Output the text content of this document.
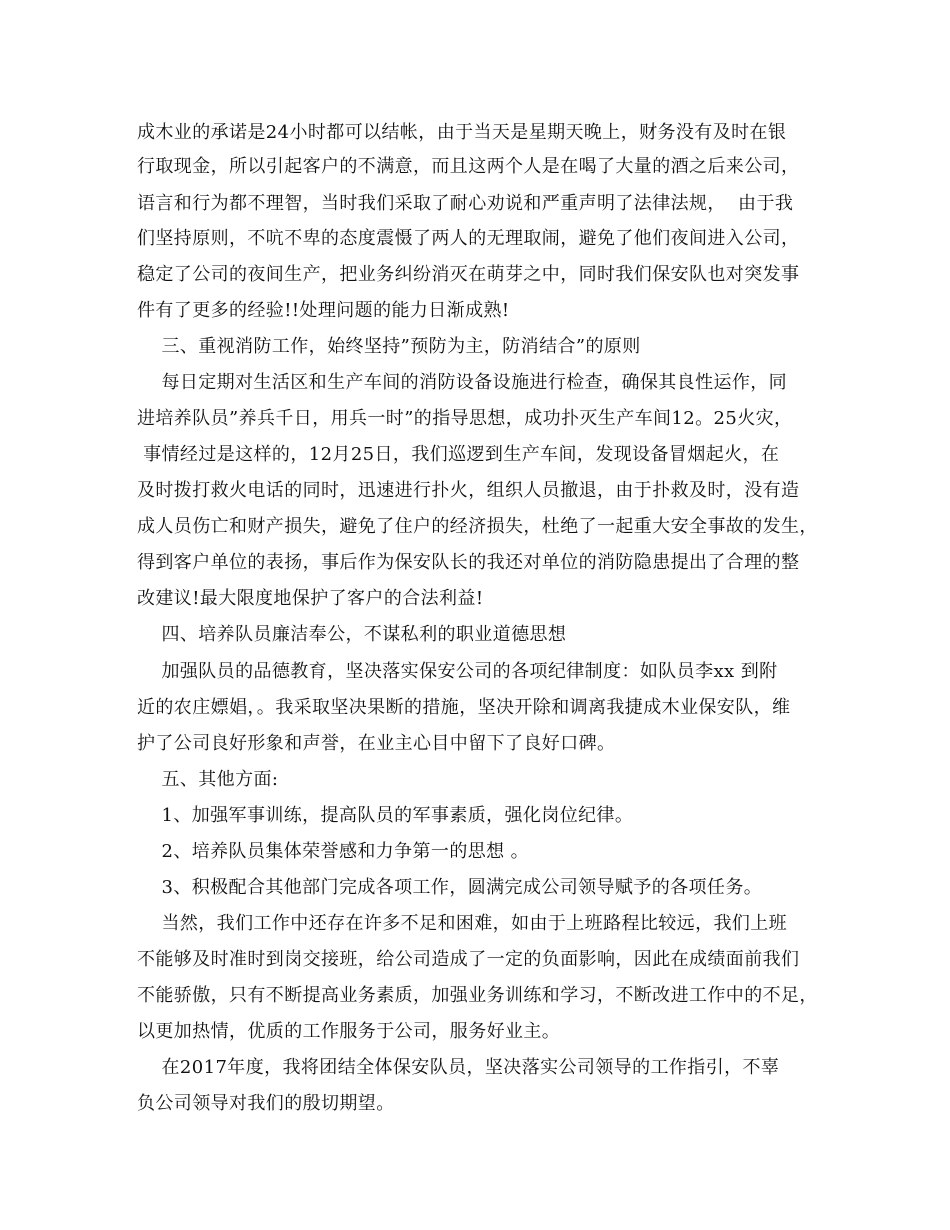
成木业的承诺是24小时都可以结帐，由于当天是星期天晚上，财务没有及时在银
行取现金，所以引起客户的不满意，而且这两个人是在喝了大量的酒之后来公司，
语言和行为都不理智，当时我们采取了耐心劝说和严重声明了法律法规，  由于我
们坚持原则，不吭不卑的态度震慑了两人的无理取闹，避免了他们夜间进入公司，
稳定了公司的夜间生产，把业务纠纷消灭在萌芽之中，同时我们保安队也对突发事
件有了更多的经验!!处理问题的能力日渐成熟!
三、重视消防工作，始终坚持”预防为主，防消结合”的原则
每日定期对生活区和生产车间的消防设备设施进行检查，确保其良性运作，同
进培养队员”养兵千日，用兵一时”的指导思想，成功扑灭生产车间12。25火灾，
事情经过是这样的，12月25日，我们巡逻到生产车间，发现设备冒烟起火，在
及时拨打救火电话的同时，迅速进行扑火，组织人员撤退，由于扑救及时，没有造
成人员伤亡和财产损失，避免了住户的经济损失，杜绝了一起重大安全事故的发生，
得到客户单位的表扬，事后作为保安队长的我还对单位的消防隐患提出了合理的整
改建议!最大限度地保护了客户的合法利益!
四、培养队员廉洁奉公，不谋私利的职业道德思想
加强队员的品德教育，坚决落实保安公司的各项纪律制度：如队员李xx 到附
近的农庄嫖娼，。我采取坚决果断的措施，坚决开除和调离我捷成木业保安队，维
护了公司良好形象和声誉，在业主心目中留下了良好口碑。
五、其他方面:
1、加强军事训练，提高队员的军事素质，强化岗位纪律。
2、培养队员集体荣誉感和力争第一的思想 。
3、积极配合其他部门完成各项工作，圆满完成公司领导赋予的各项任务。
当然，我们工作中还存在许多不足和困难，如由于上班路程比较远，我们上班
不能够及时准时到岗交接班，给公司造成了一定的负面影响，因此在成绩面前我们
不能骄傲，只有不断提高业务素质，加强业务训练和学习，不断改进工作中的不足，
以更加热情，优质的工作服务于公司，服务好业主。
在2017年度，我将团结全体保安队员，坚决落实公司领导的工作指引，不辜
负公司领导对我们的殷切期望。
